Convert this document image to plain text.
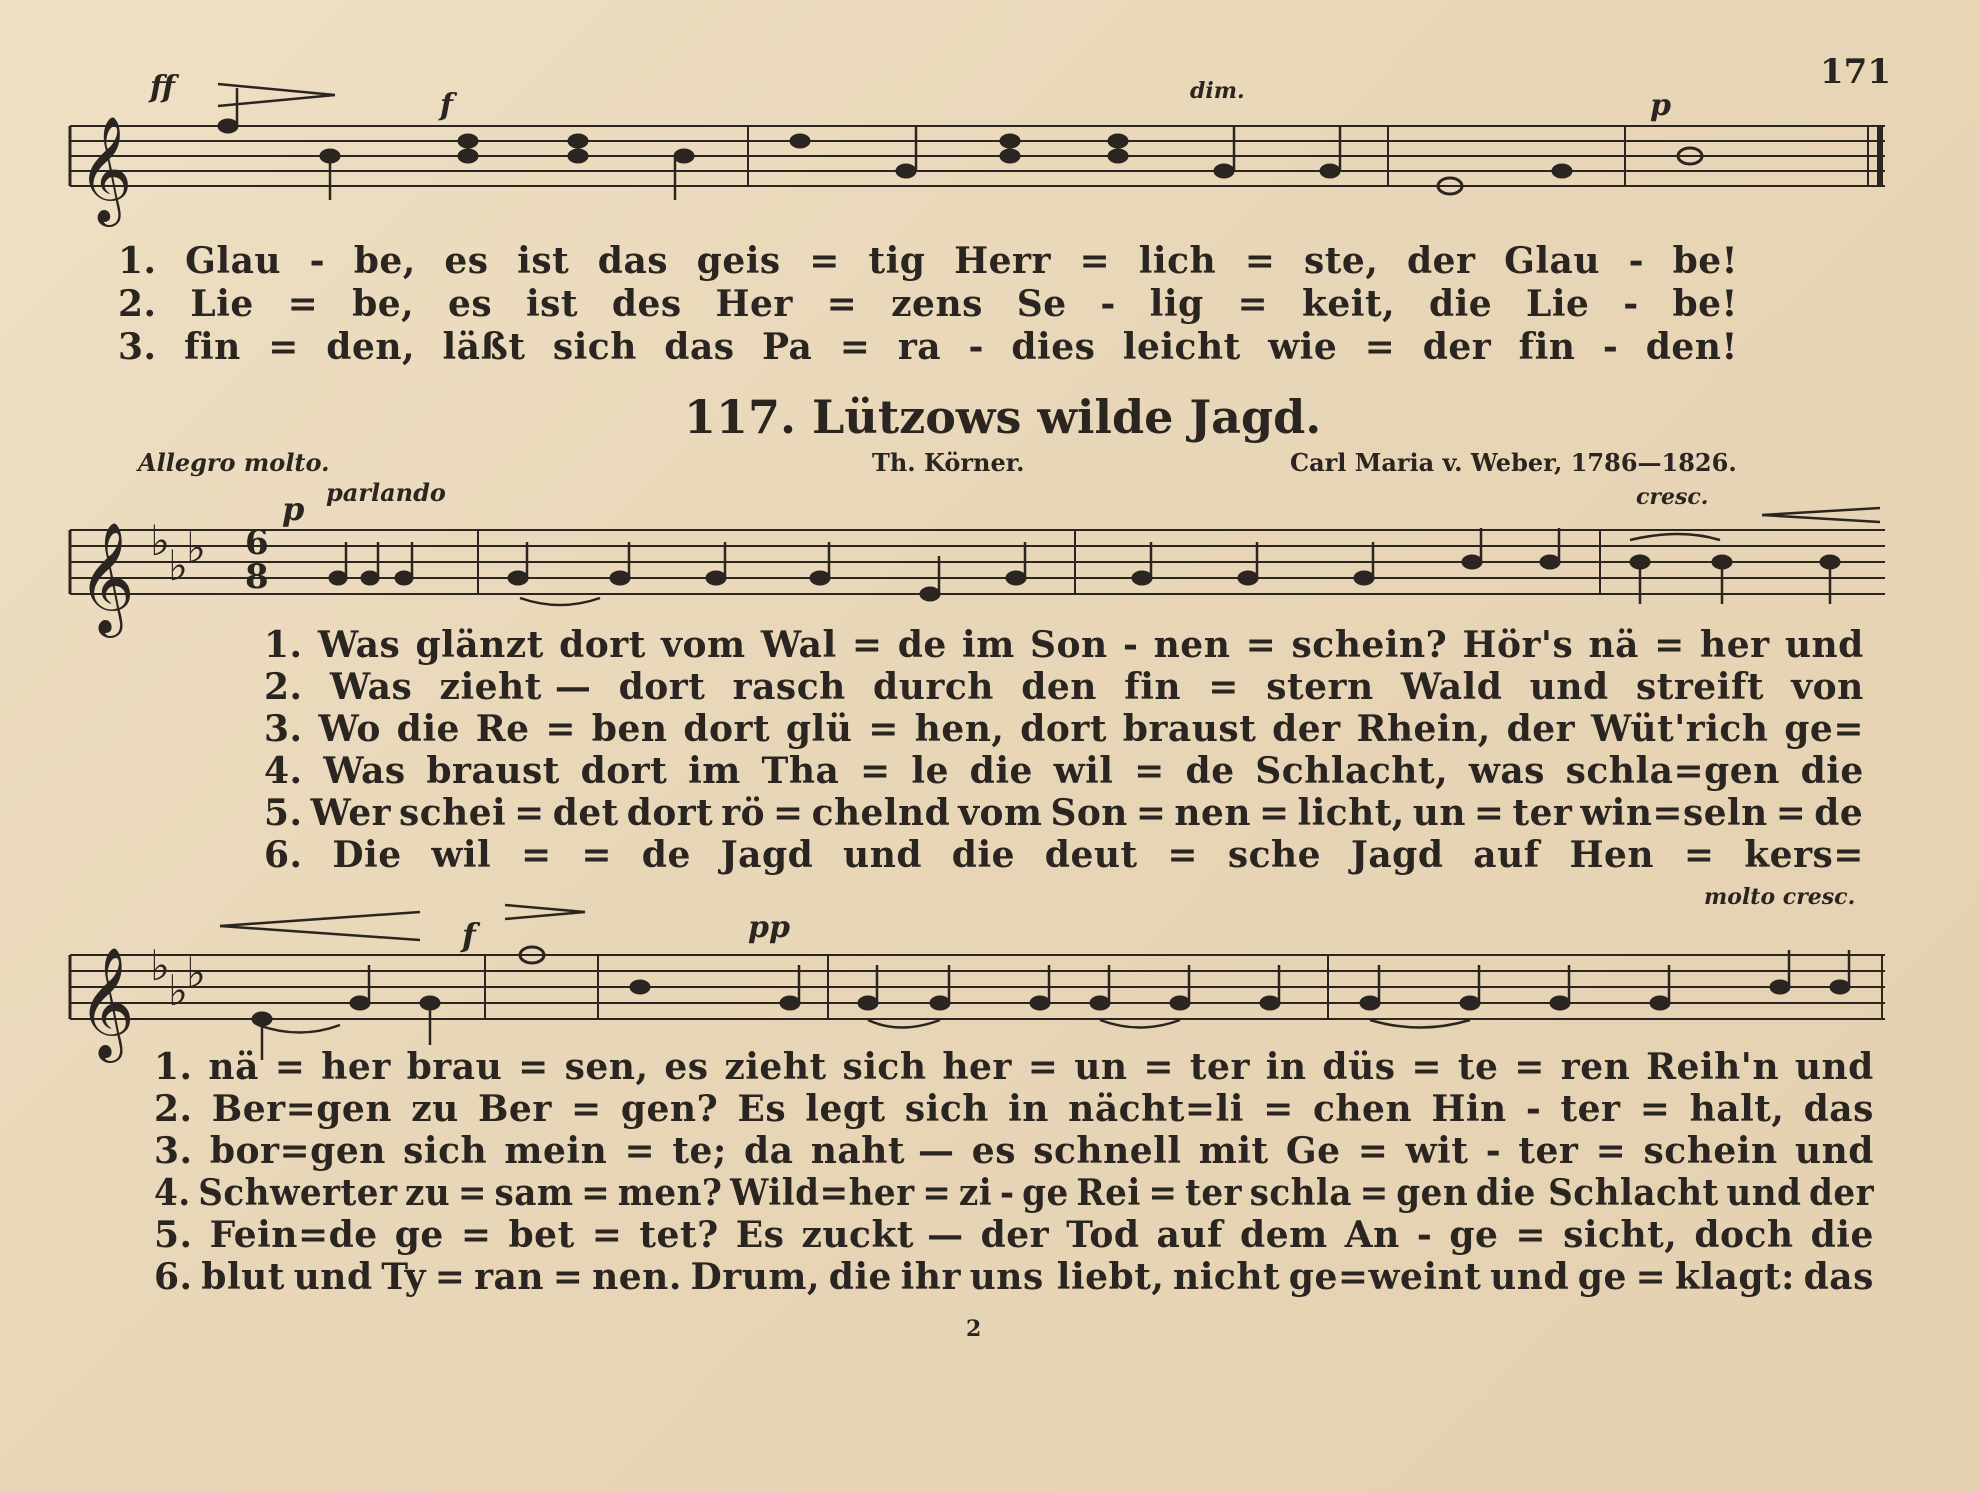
171
ff
f	dim.	p
𝄞
𝄞 ♭
♭
♭
𝄞 ♭
♭
♭
6
8
1. Glau - be, es ist das geis = tig Herr = lich = ste, der Glau - be!
2. Lie = be, es ist des Her = zens Se - lig = keit, die Lie - be!
3. fin = den, läßt sich das Pa = ra - dies leicht wie = der fin - den!
117. Lützows wilde Jagd.
Allegro molto.	Th. Körner.	Carl Maria v. Weber, 1786—1826.
p parlando	cresc.
1. Was glänzt dort vom Wal = de im Son - nen = schein? Hör's nä = her und
2. Was zieht — dort rasch durch den fin = stern Wald und streift von
3. Wo die Re = ben dort glü = hen, dort braust der Rhein, der Wüt'rich ge=
4. Was braust dort im Tha = le die wil = de Schlacht, was schla=gen die
5. Wer schei = det dort rö = chelnd vom Son = nen = licht, un = ter win=seln = de
6. Die wil = = de Jagd und die deut = sche Jagd auf Hen = kers=
molto cresc.
f	pp
1. nä = her brau = sen, es zieht sich her = un = ter in düs = te = ren Reih'n und
2. Ber=gen zu Ber = gen? Es legt sich in nächt=li = chen Hin - ter = halt, das
3. bor=gen sich mein = te; da naht — es schnell mit Ge = wit - ter = schein und
4. Schwerter zu = sam = men? Wild=her = zi - ge Rei = ter schla = gen die Schlacht und der
5. Fein=de ge = bet = tet? Es zuckt — der Tod auf dem An - ge = sicht, doch die
6. blut und Ty = ran = nen. Drum, die ihr uns liebt, nicht ge=weint und ge = klagt: das
2
